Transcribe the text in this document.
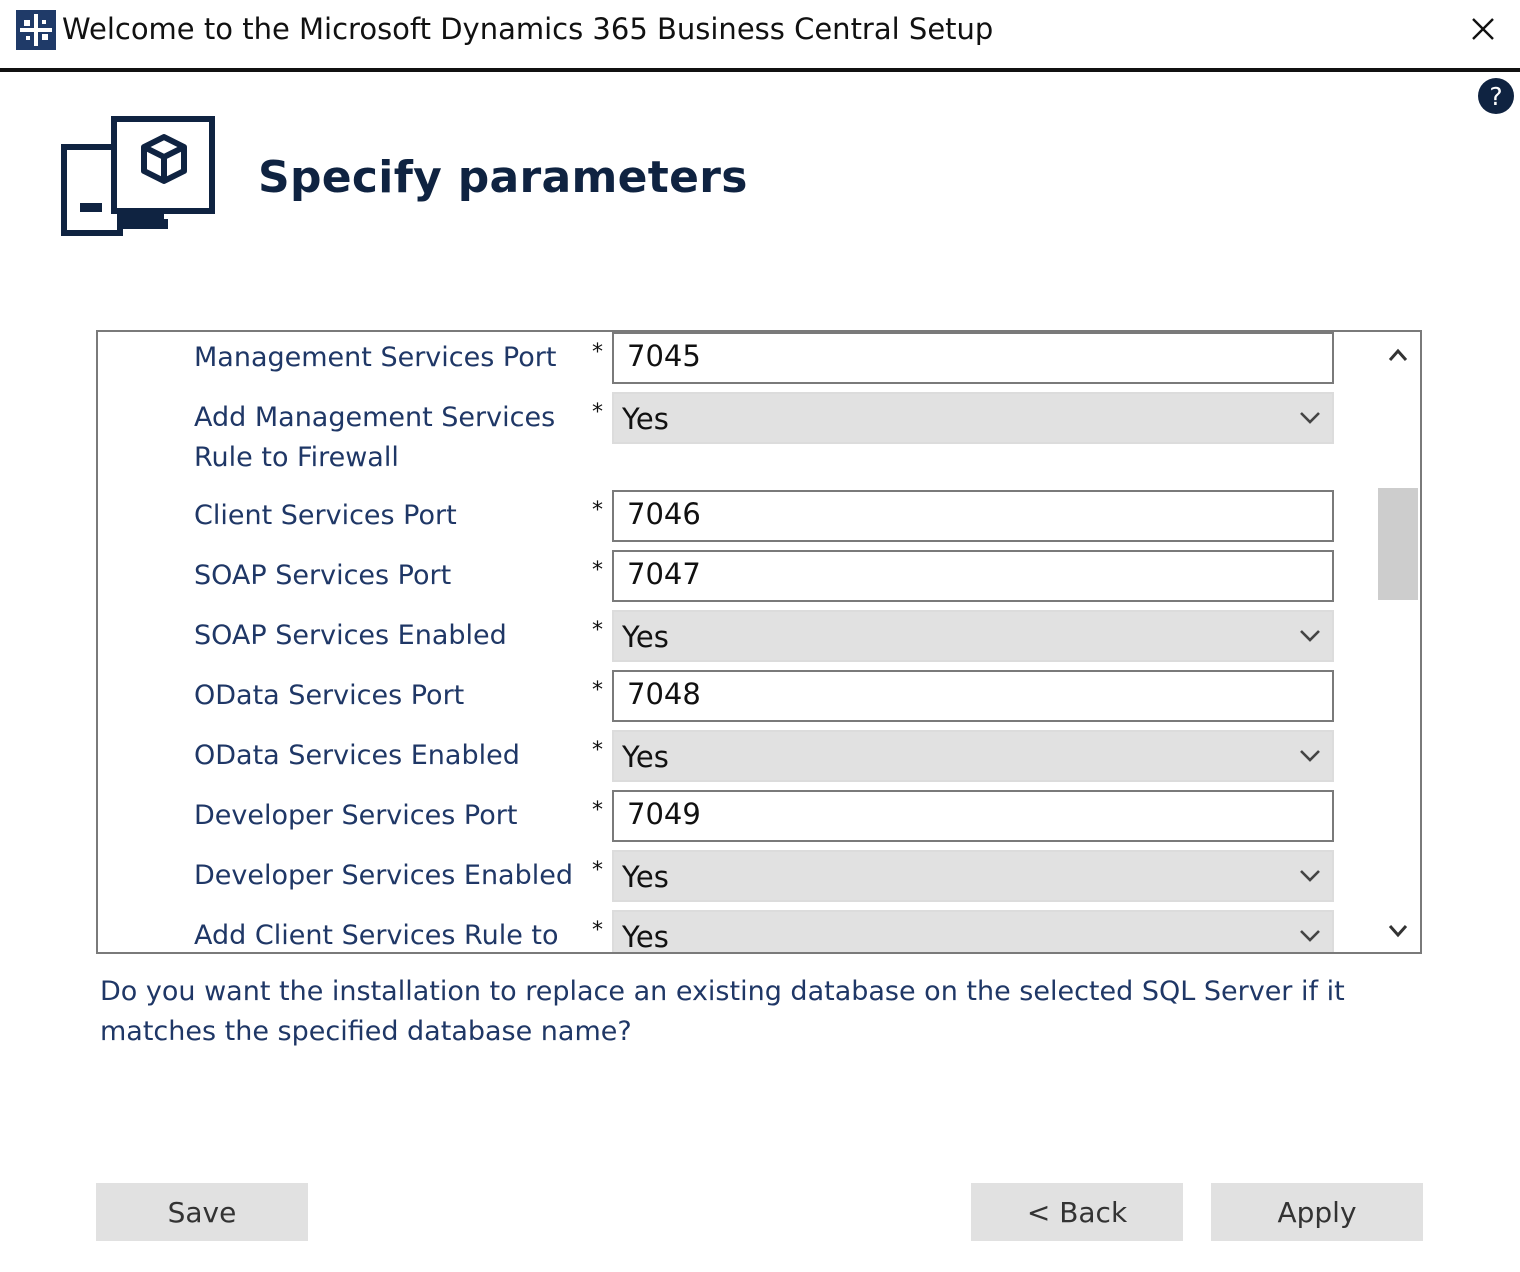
Welcome to the Microsoft Dynamics 365 Business Central Setup
?
Specify parameters
Management Services Port	* 7045
Add Management Services Rule to Firewall
* Yes
Client Services Port	* 7046
SOAP Services Port	* 7047
SOAP Services Enabled	* Yes
OData Services Port	* 7048
OData Services Enabled	* Yes
Developer Services Port	* 7049
Developer Services Enabled * Yes
Add Client Services Rule to	* Yes
Do you want the installation to replace an existing database on the selected SQL Server if it matches the specified database name?
Save	< Back	Apply
